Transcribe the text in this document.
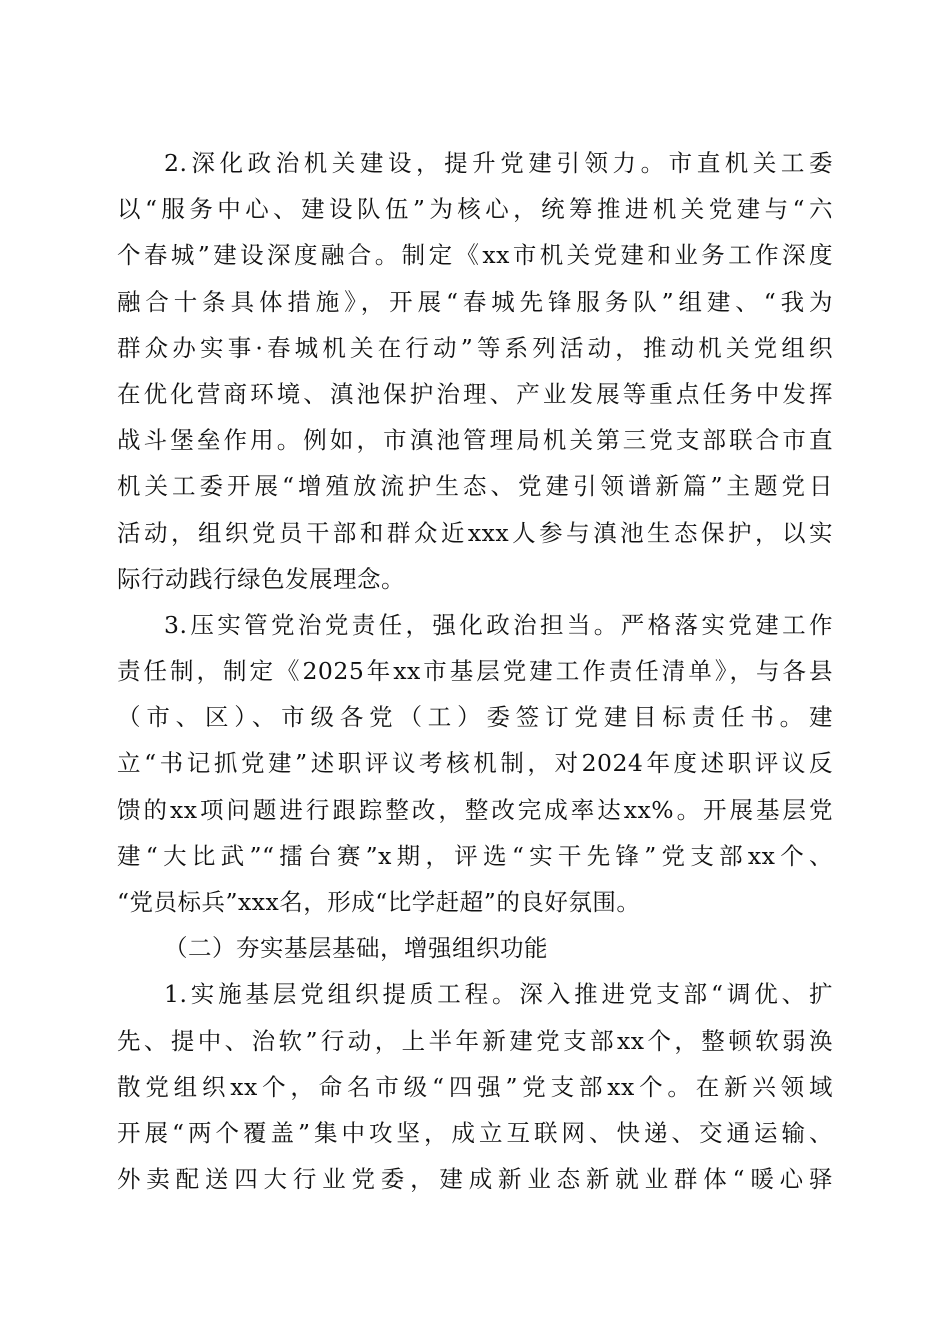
2.深化政治机关建设，提升党建引领力。市直机关工委
以“服务中心、建设队伍”为核心，统筹推进机关党建与“六
个春城”建设深度融合。制定《xx市机关党建和业务工作深度
融合十条具体措施》，开展“春城先锋服务队”组建、“我为
群众办实事·春城机关在行动”等系列活动，推动机关党组织
在优化营商环境、滇池保护治理、产业发展等重点任务中发挥
战斗堡垒作用。例如，市滇池管理局机关第三党支部联合市直
机关工委开展“增殖放流护生态、党建引领谱新篇”主题党日
活动，组织党员干部和群众近xxx人参与滇池生态保护，以实
际行动践行绿色发展理念。
3.压实管党治党责任，强化政治担当。严格落实党建工作
责任制，制定《2025年xx市基层党建工作责任清单》，与各县
（市、区）、市级各党（工）委签订党建目标责任书。建
立“书记抓党建”述职评议考核机制，对2024年度述职评议反
馈的xx项问题进行跟踪整改，整改完成率达xx%。开展基层党
建“大比武”“擂台赛”x期，评选“实干先锋”党支部xx个、
“党员标兵”xxx名，形成“比学赶超”的良好氛围。
（二）夯实基层基础，增强组织功能
1.实施基层党组织提质工程。深入推进党支部“调优、扩
先、提中、治软”行动，上半年新建党支部xx个，整顿软弱涣
散党组织xx个，命名市级“四强”党支部xx个。在新兴领域
开展“两个覆盖”集中攻坚，成立互联网、快递、交通运输、
外卖配送四大行业党委，建成新业态新就业群体“暖心驿
